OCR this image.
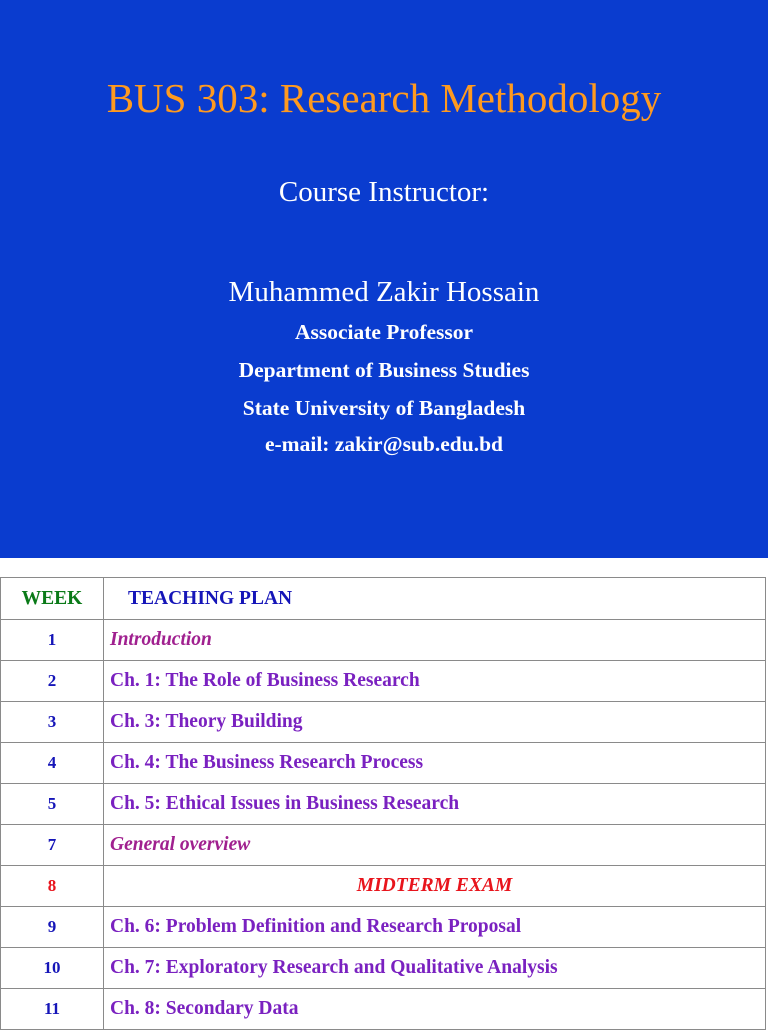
BUS 303: Research Methodology
Course Instructor:
Muhammed Zakir Hossain
Associate Professor
Department of Business Studies
State University of Bangladesh
e-mail: zakir@sub.edu.bd
WEEK	TEACHING PLAN
1	Introduction
2	Ch. 1: The Role of Business Research
3	Ch. 3: Theory Building
4	Ch. 4: The Business Research Process
5	Ch. 5: Ethical Issues in Business Research
7	General overview
8	MIDTERM EXAM
9	Ch. 6: Problem Definition and Research Proposal
10	Ch. 7: Exploratory Research and Qualitative Analysis
11	Ch. 8: Secondary Data
